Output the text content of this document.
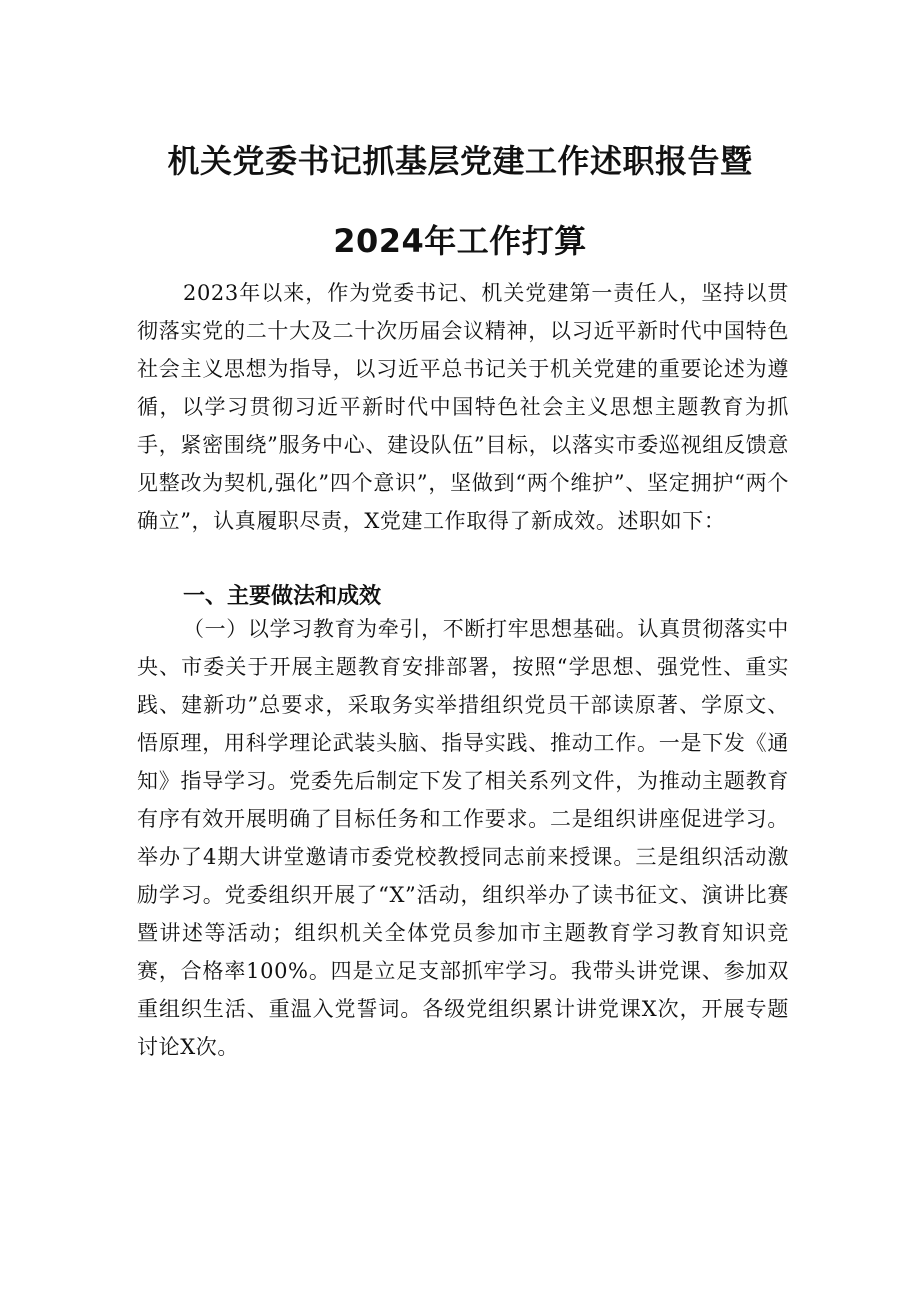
机关党委书记抓基层党建工作述职报告暨
2024年工作打算

2023年以来，作为党委书记、机关党建第一责任人，坚持以贯彻落实党的二十大及二十次历届会议精神，以习近平新时代中国特色社会主义思想为指导，以习近平总书记关于机关党建的重要论述为遵循，以学习贯彻习近平新时代中国特色社会主义思想主题教育为抓手，紧密围绕”服务中心、建设队伍”目标，以落实市委巡视组反馈意见整改为契机,强化”四个意识”，坚做到“两个维护”、坚定拥护“两个确立”，认真履职尽责，X党建工作取得了新成效。述职如下：

一、主要做法和成效

（一）以学习教育为牵引，不断打牢思想基础。认真贯彻落实中央、市委关于开展主题教育安排部署，按照“学思想、强党性、重实践、建新功”总要求，采取务实举措组织党员干部读原著、学原文、悟原理，用科学理论武装头脑、指导实践、推动工作。一是下发《通知》指导学习。党委先后制定下发了相关系列文件，为推动主题教育有序有效开展明确了目标任务和工作要求。二是组织讲座促进学习。举办了4期大讲堂邀请市委党校教授同志前来授课。三是组织活动激励学习。党委组织开展了“X”活动，组织举办了读书征文、演讲比赛暨讲述等活动；组织机关全体党员参加市主题教育学习教育知识竞赛，合格率100%。四是立足支部抓牢学习。我带头讲党课、参加双重组织生活、重温入党誓词。各级党组织累计讲党课X次，开展专题讨论X次。
